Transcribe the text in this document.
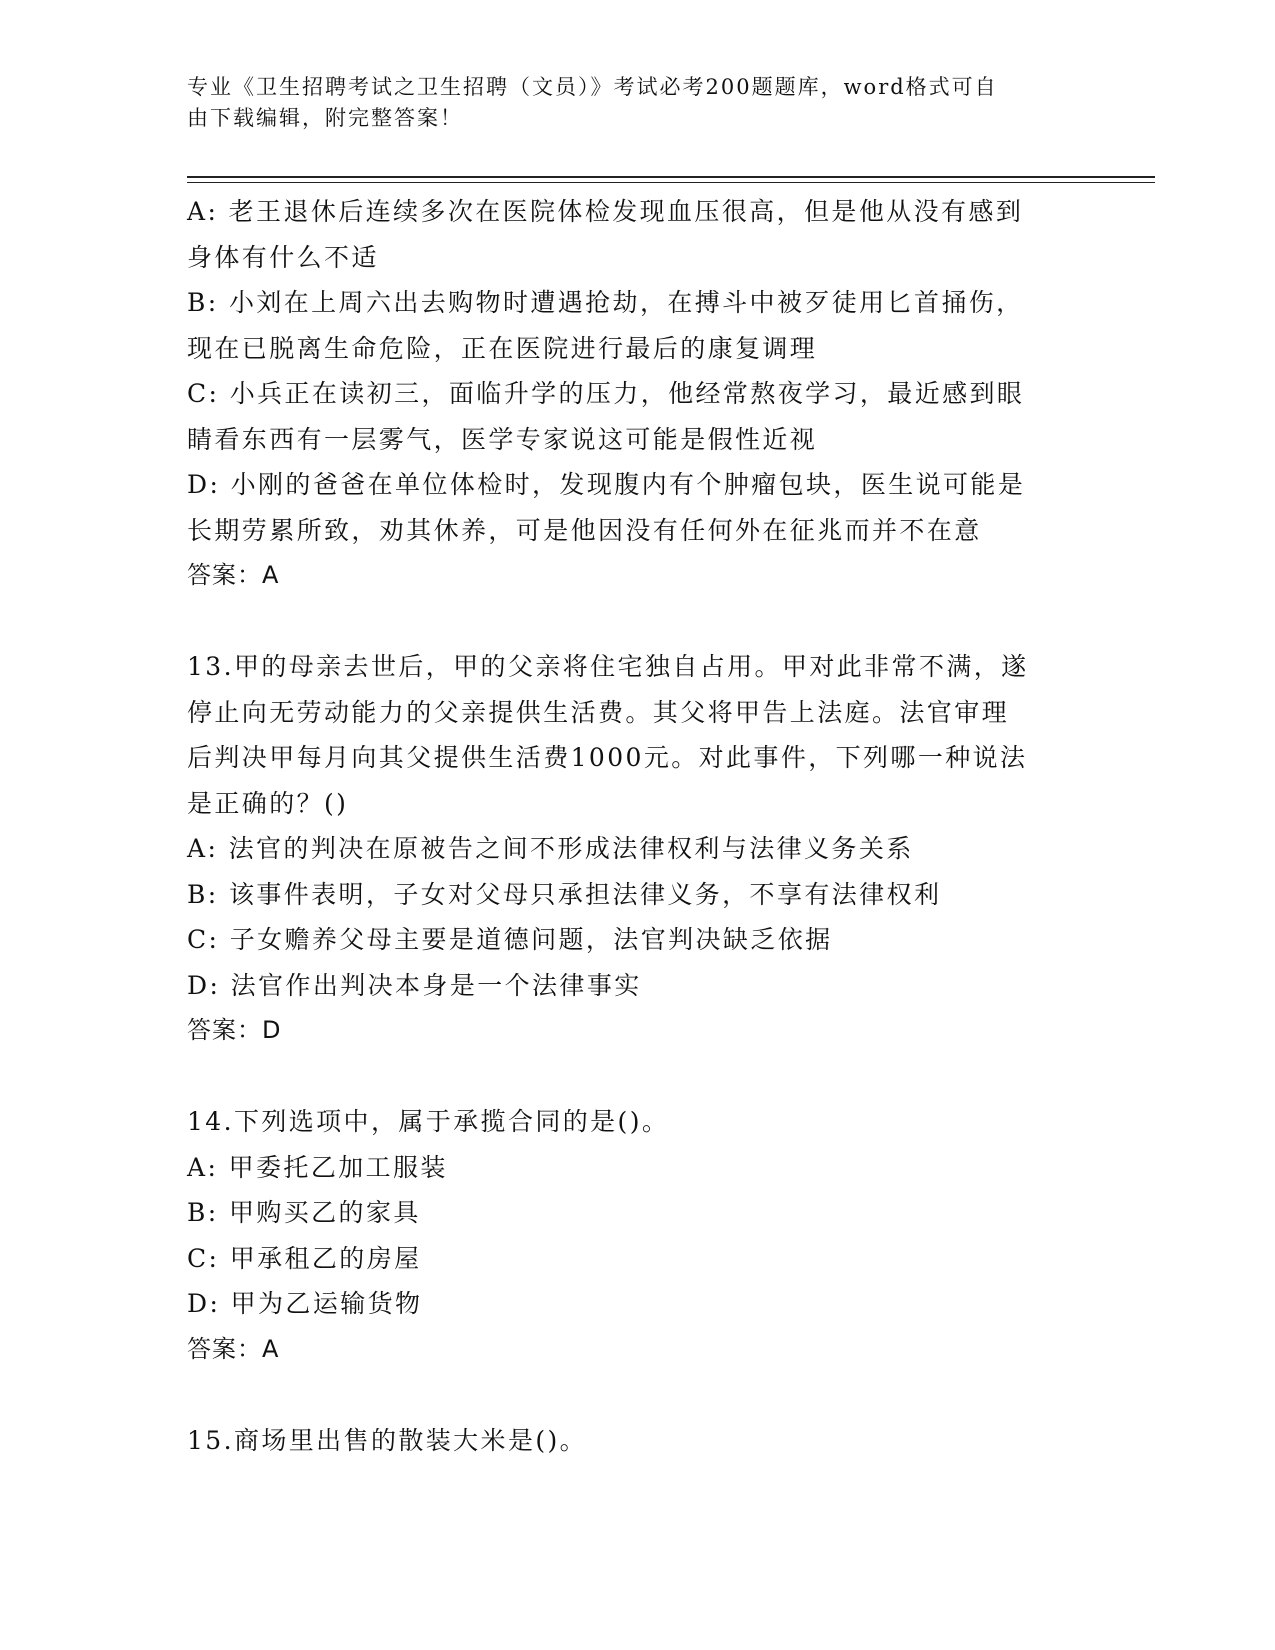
专业《卫生招聘考试之卫生招聘（文员）》考试必考200题题库，word格式可自
由下载编辑，附完整答案！
A: 老王退休后连续多次在医院体检发现血压很高，但是他从没有感到
身体有什么不适
B: 小刘在上周六出去购物时遭遇抢劫，在搏斗中被歹徒用匕首捅伤，
现在已脱离生命危险，正在医院进行最后的康复调理
C: 小兵正在读初三，面临升学的压力，他经常熬夜学习，最近感到眼
睛看东西有一层雾气，医学专家说这可能是假性近视
D: 小刚的爸爸在单位体检时，发现腹内有个肿瘤包块，医生说可能是
长期劳累所致，劝其休养，可是他因没有任何外在征兆而并不在意
答案：A
13.甲的母亲去世后，甲的父亲将住宅独自占用。甲对此非常不满，遂
停止向无劳动能力的父亲提供生活费。其父将甲告上法庭。法官审理
后判决甲每月向其父提供生活费1000元。对此事件，下列哪一种说法
是正确的？()
A: 法官的判决在原被告之间不形成法律权利与法律义务关系
B: 该事件表明，子女对父母只承担法律义务，不享有法律权利
C: 子女赡养父母主要是道德问题，法官判决缺乏依据
D: 法官作出判决本身是一个法律事实
答案：D
14.下列选项中，属于承揽合同的是()。
A: 甲委托乙加工服装
B: 甲购买乙的家具
C: 甲承租乙的房屋
D: 甲为乙运输货物
答案：A
15.商场里出售的散装大米是()。
